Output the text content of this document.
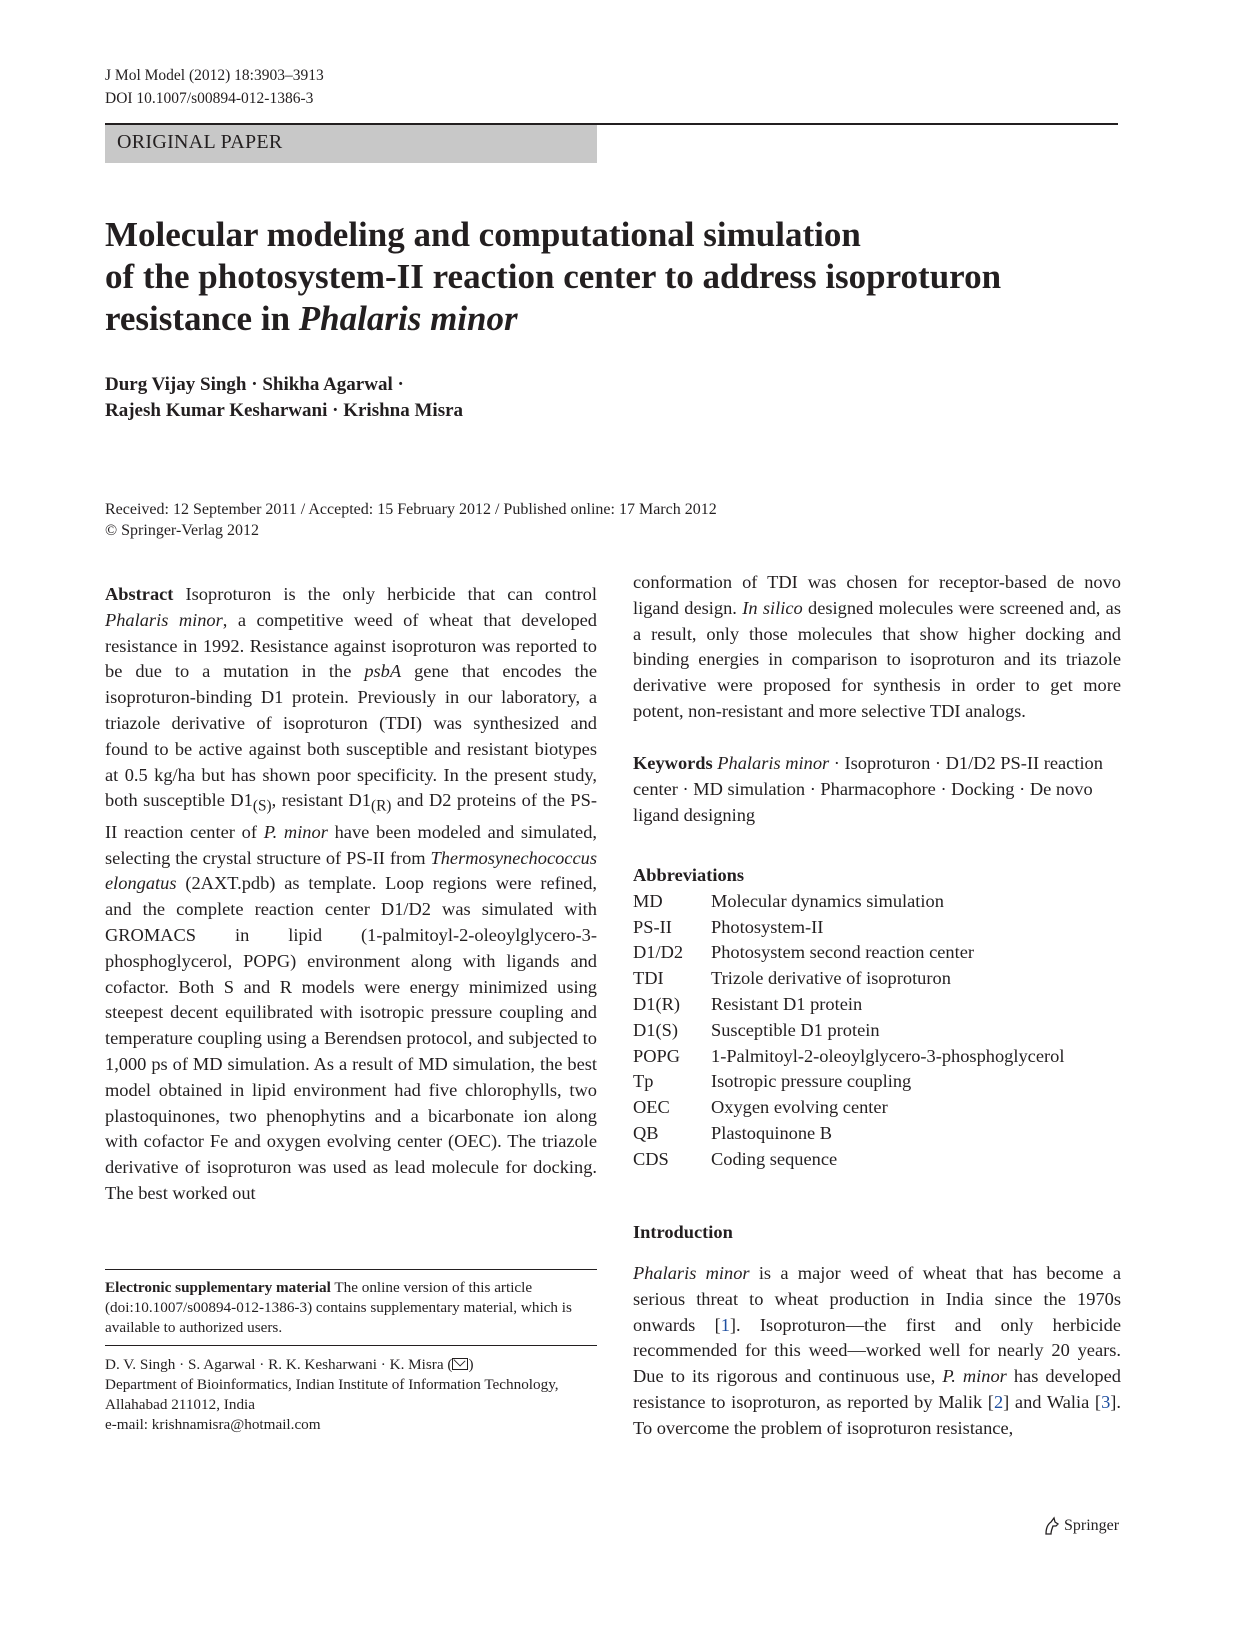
J Mol Model (2012) 18:3903–3913
DOI 10.1007/s00894-012-1386-3
ORIGINAL PAPER
Molecular modeling and computational simulation
of the photosystem-II reaction center to address isoproturon
resistance in Phalaris minor
Durg Vijay Singh · Shikha Agarwal ·
Rajesh Kumar Kesharwani · Krishna Misra
Received: 12 September 2011 / Accepted: 15 February 2012 / Published online: 17 March 2012
© Springer-Verlag 2012

Abstract Isoproturon is the only herbicide that can control Phalaris minor, a competitive weed of wheat that developed resistance in 1992. Resistance against isoproturon was reported to be due to a mutation in the psbA gene that encodes the isoproturon-binding D1 protein. Previously in our laboratory, a triazole derivative of isoproturon (TDI) was synthesized and found to be active against both susceptible and resistant biotypes at 0.5 kg/ha but has shown poor specificity. In the present study, both susceptible $D1_{(S)}$, resistant $D1_{(R)}$ and D2 proteins of the PS-II reaction center of P. minor have been modeled and simulated, selecting the crystal structure of PS-II from Thermosynechococcus elongatus (2AXT.pdb) as template. Loop regions were refined, and the complete reaction center D1/D2 was simulated with GROMACS in lipid (1-palmitoyl-2-oleoylglycero-3-phosphoglycerol, POPG) environment along with ligands and cofactor. Both S and R models were energy minimized using steepest decent equilibrated with isotropic pressure coupling and temperature coupling using a Berendsen protocol, and subjected to 1,000 ps of MD simulation. As a result of MD simulation, the best model obtained in lipid environment had five chlorophylls, two plastoquinones, two phenophytins and a bicarbonate ion along with cofactor Fe and oxygen evolving center (OEC). The triazole derivative of isoproturon was used as lead molecule for docking. The best worked out

conformation of TDI was chosen for receptor-based de novo ligand design. In silico designed molecules were screened and, as a result, only those molecules that show higher docking and binding energies in comparison to isoproturon and its triazole derivative were proposed for synthesis in order to get more potent, non-resistant and more selective TDI analogs.

Keywords Phalaris minor · Isoproturon · D1/D2 PS-II reaction center · MD simulation · Pharmacophore · Docking · De novo ligand designing

Abbreviations
MD	Molecular dynamics simulation
PS-II	Photosystem-II
D1/D2	Photosystem second reaction center
TDI	Trizole derivative of isoproturon
D1(R)	Resistant D1 protein
D1(S)	Susceptible D1 protein
POPG	1-Palmitoyl-2-oleoylglycero-3-phosphoglycerol
Tp	Isotropic pressure coupling
OEC	Oxygen evolving center
QB	Plastoquinone B
CDS	Coding sequence
Introduction

Phalaris minor is a major weed of wheat that has become a serious threat to wheat production in India since the 1970s onwards [1]. Isoproturon—the first and only herbicide recommended for this weed—worked well for nearly 20 years. Due to its rigorous and continuous use, P. minor has developed resistance to isoproturon, as reported by Malik [2] and Walia [3]. To overcome the problem of isoproturon resistance,

Electronic supplementary material The online version of this article (doi:10.1007/s00894-012-1386-3) contains supplementary material, which is available to authorized users.
D. V. Singh · S. Agarwal · R. K. Kesharwani · K. Misra ( )
Department of Bioinformatics, Indian Institute of Information Technology,
Allahabad 211012, India
e-mail: krishnamisra@hotmail.com
Springer
